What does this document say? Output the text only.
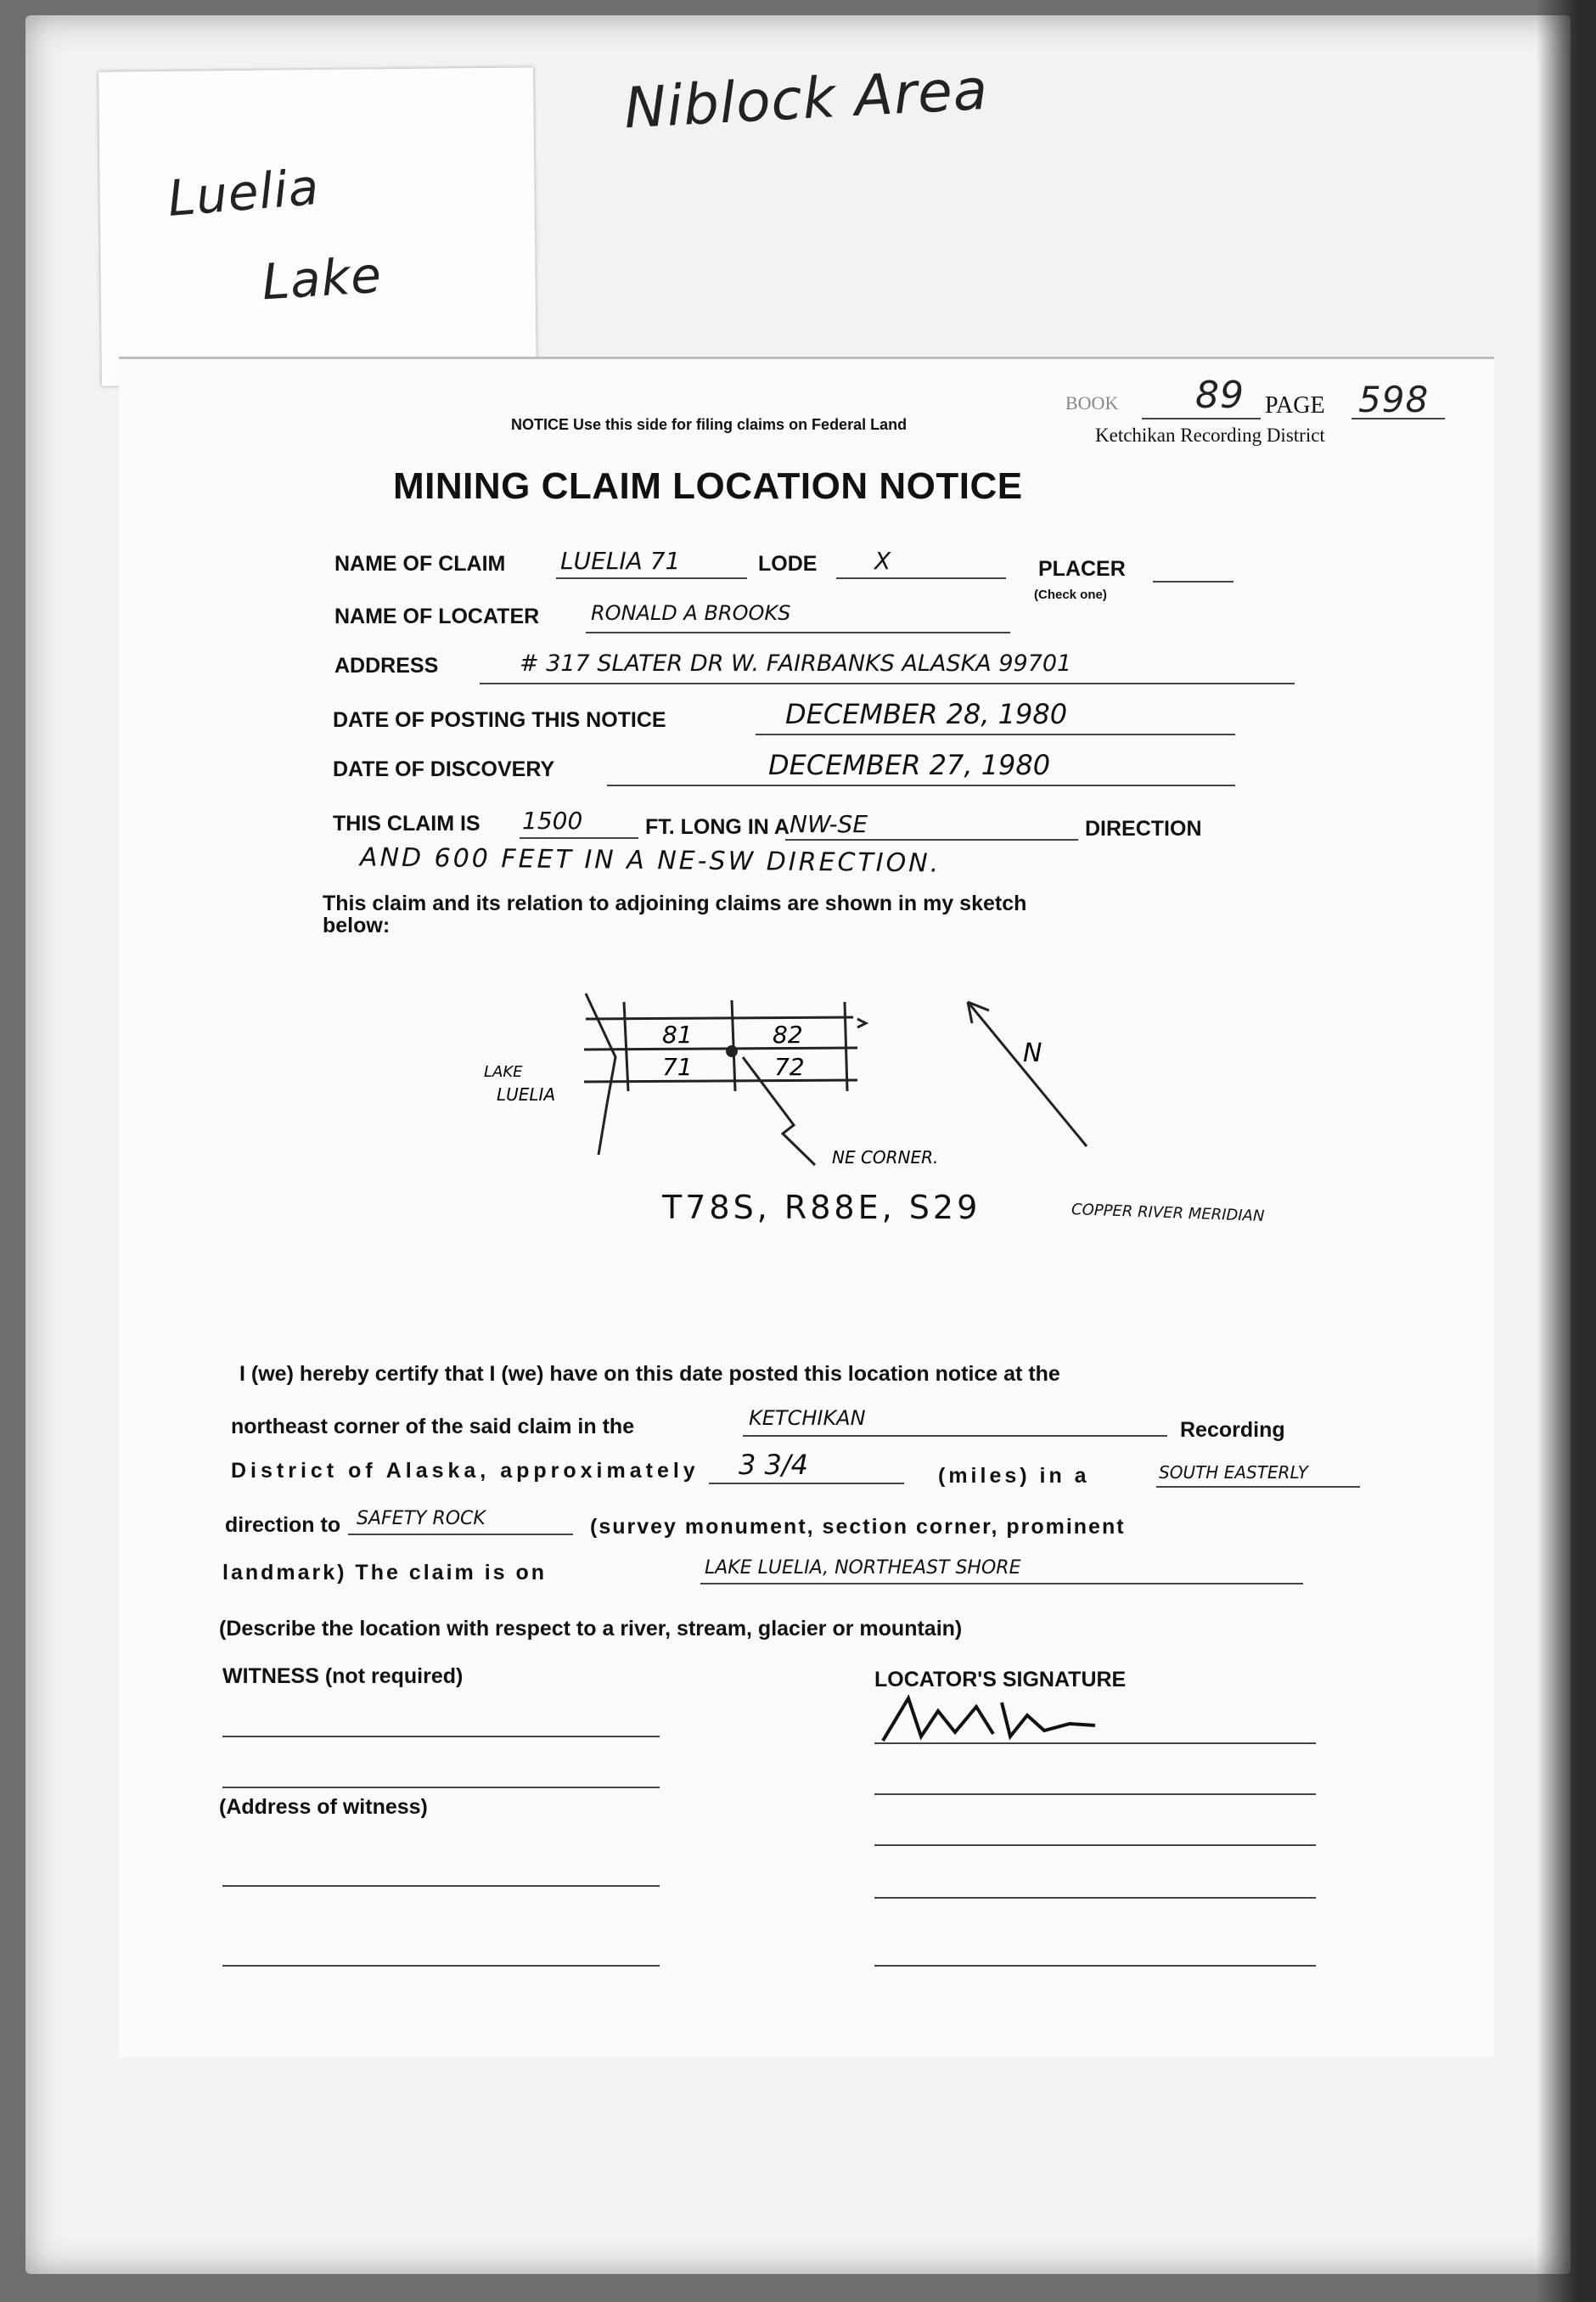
Niblock Area
Luelia
Lake
BOOK 89 PAGE 598
Ketchikan Recording District
NOTICE Use this side for filing claims on Federal Land
MINING CLAIM LOCATION NOTICE
NAME OF CLAIM LUELIA 71	LODE X	PLACER
(Check one)
NAME OF LOCATER	RONALD A BROOKS
ADDRESS	# 317 SLATER DR W. FAIRBANKS ALASKA 99701
DATE OF POSTING THIS NOTICE	DECEMBER 28, 1980
DATE OF DISCOVERY	DECEMBER 27, 1980
THIS CLAIM IS 1500	FT. LONG IN A NW-SE	DIRECTION
AND 600 FEET IN A NE-SW DIRECTION.
This claim and its relation to adjoining claims are shown in my sketch
below:
81	82
71	72
LAKE
LUELIA
NE CORNER.
N
T78S, R88E, S29	COPPER RIVER MERIDIAN
I (we) hereby certify that I (we) have on this date posted this location notice at the
northeast corner of the said claim in the	KETCHIKAN	Recording
District of Alaska, approximately 3 3/4	(miles) in a	SOUTH EASTERLY
direction to SAFETY ROCK	(survey monument, section corner, prominent
landmark) The claim is on	LAKE LUELIA, NORTHEAST SHORE
(Describe the location with respect to a river, stream, glacier or mountain)
WITNESS (not required)
(Address of witness)
LOCATOR'S SIGNATURE
